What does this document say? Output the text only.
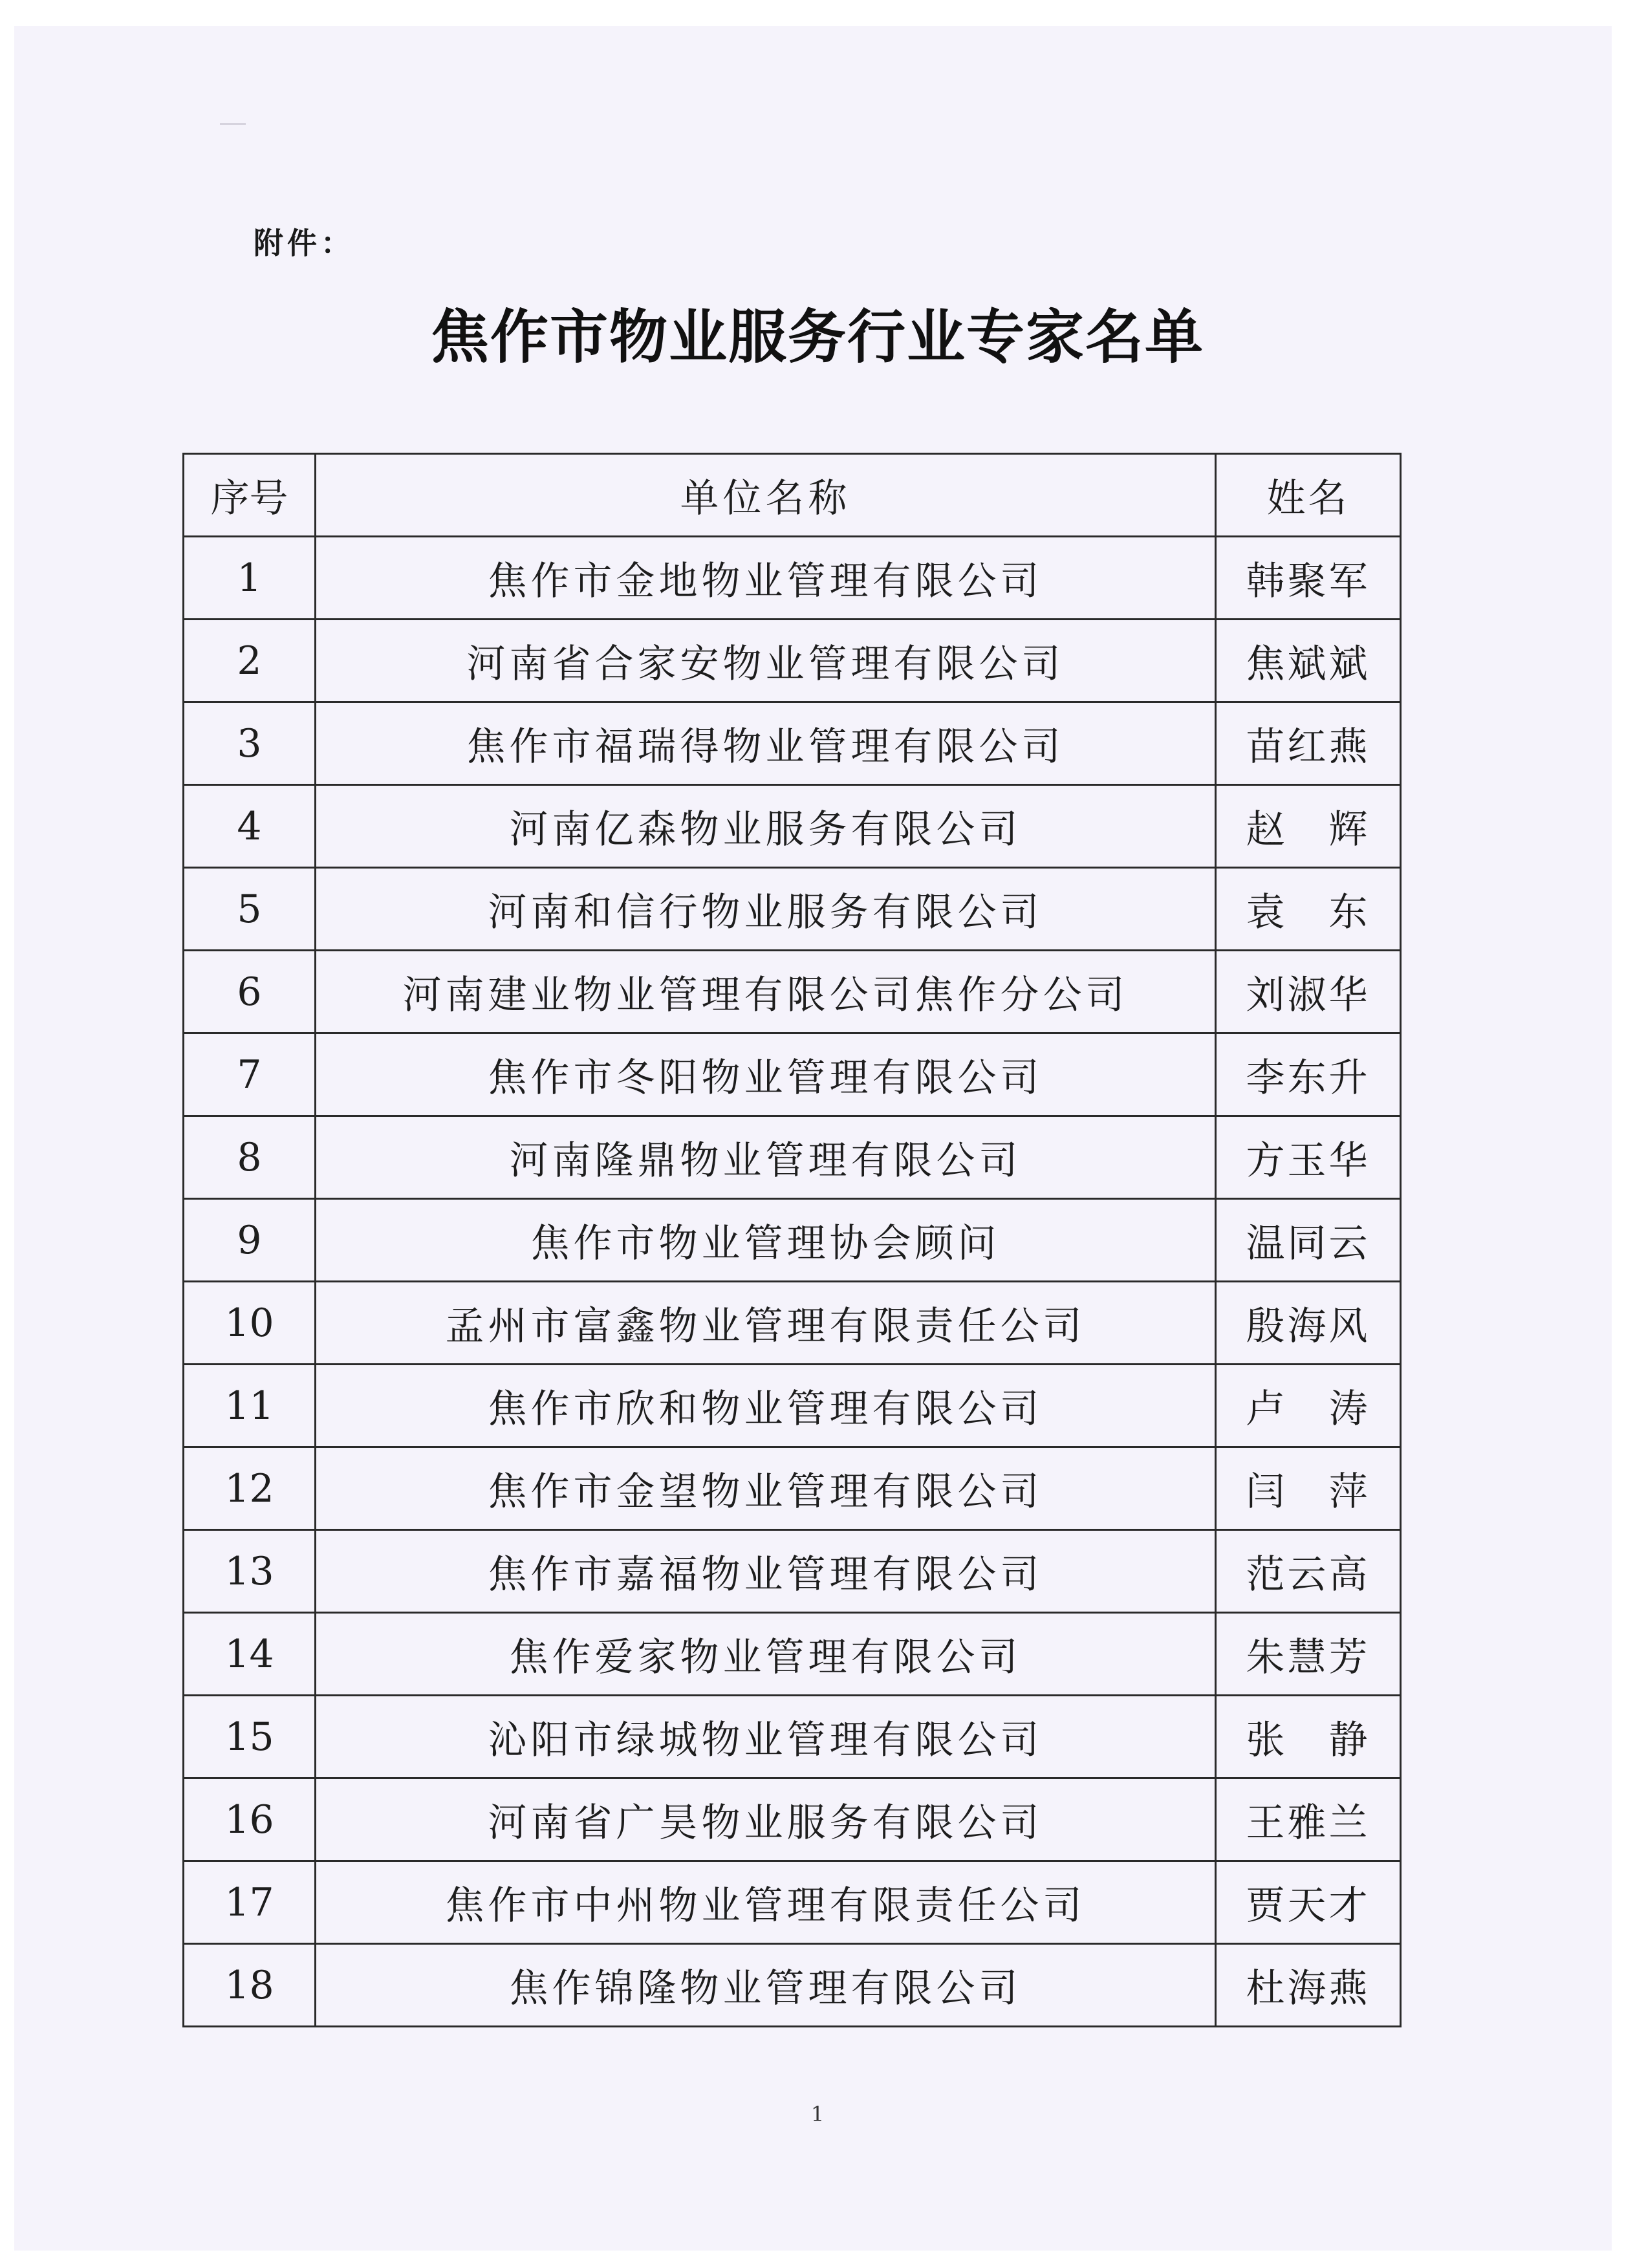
附件：
焦作市物业服务行业专家名单
序号	单位名称	姓名
1	焦作市金地物业管理有限公司	韩聚军
2	河南省合家安物业管理有限公司	焦斌斌
3	焦作市福瑞得物业管理有限公司	苗红燕
4	河南亿森物业服务有限公司	赵　辉
5	河南和信行物业服务有限公司	袁　东
6	河南建业物业管理有限公司焦作分公司	刘淑华
7	焦作市冬阳物业管理有限公司	李东升
8	河南隆鼎物业管理有限公司	方玉华
9	焦作市物业管理协会顾问	温同云
10	孟州市富鑫物业管理有限责任公司	殷海风
11	焦作市欣和物业管理有限公司	卢　涛
12	焦作市金望物业管理有限公司	闫　萍
13	焦作市嘉福物业管理有限公司	范云高
14	焦作爱家物业管理有限公司	朱慧芳
15	沁阳市绿城物业管理有限公司	张　静
16	河南省广昊物业服务有限公司	王雅兰
17	焦作市中州物业管理有限责任公司	贾天才
18	焦作锦隆物业管理有限公司	杜海燕
1
